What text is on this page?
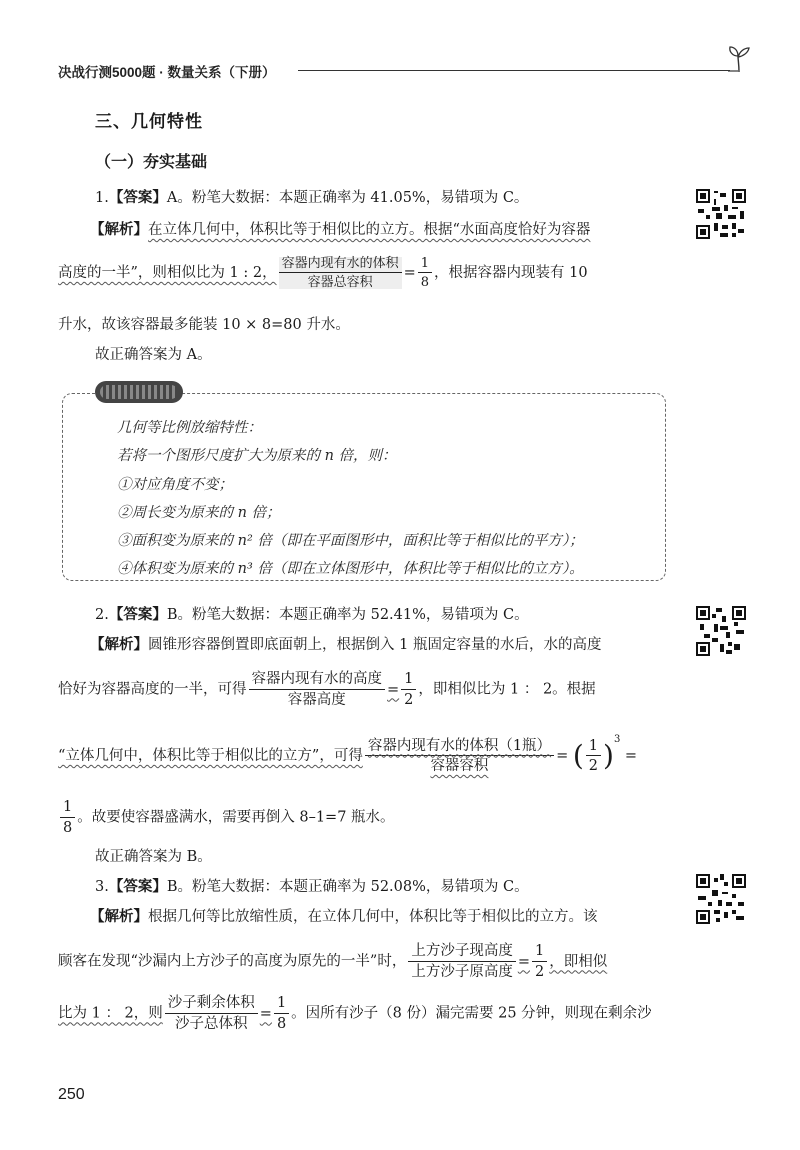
决战行测5000题 · 数量关系（下册）
三、几何特性
（一）夯实基础
1.【答案】A。粉笔大数据：本题正确率为 41.05%，易错项为 C。
【解析】在立体几何中，体积比等于相似比的立方。根据“水面高度恰好为容器
高度的一半”，则相似比为 1 : 2， $\frac{\text{容器内现有水的体积}}{\text{容器总容积}} = \frac{1}{8}$ ，根据容器内现装有 10
升水，故该容器最多能装 10 × 8=80 升水。
故正确答案为 A。
几何等比例放缩特性：
若将一个图形尺度扩大为原来的 n 倍，则：
①对应角度不变；
②周长变为原来的 n 倍；
③面积变为原来的 n² 倍（即在平面图形中，面积比等于相似比的平方）；
④体积变为原来的 n³ 倍（即在立体图形中，体积比等于相似比的立方）。
2.【答案】B。粉笔大数据：本题正确率为 52.41%，易错项为 C。
【解析】圆锥形容器倒置即底面朝上，根据倒入 1 瓶固定容量的水后，水的高度
恰好为容器高度的一半，可得 $\frac{\text{容器内现有水的高度}}{\text{容器高度}} = \frac{1}{2}$ ，即相似比为 1 ： 2。根据
“立体几何中，体积比等于相似比的立方”，可得 $\frac{\text{容器内现有水的体积（1瓶）}}{\text{容器容积}}$ = ( $\frac{1}{2} )^3$ =
$\frac{1}{8}$ 。故要使容器盛满水，需要再倒入 8–1=7 瓶水。
故正确答案为 B。
3.【答案】B。粉笔大数据：本题正确率为 52.08%，易错项为 C。
【解析】根据几何等比放缩性质，在立体几何中，体积比等于相似比的立方。该
顾客在发现“沙漏内上方沙子的高度为原先的一半”时， $\frac{\text{上方沙子现高度}}{\text{上方沙子原高度}} = \frac{1}{2}$ ，即相似
比为 1 ： 2，则 $\frac{\text{沙子剩余体积}}{\text{沙子总体积}} = \frac{1}{8}$ 。因所有沙子（8 份）漏完需要 25 分钟，则现在剩余沙
250
